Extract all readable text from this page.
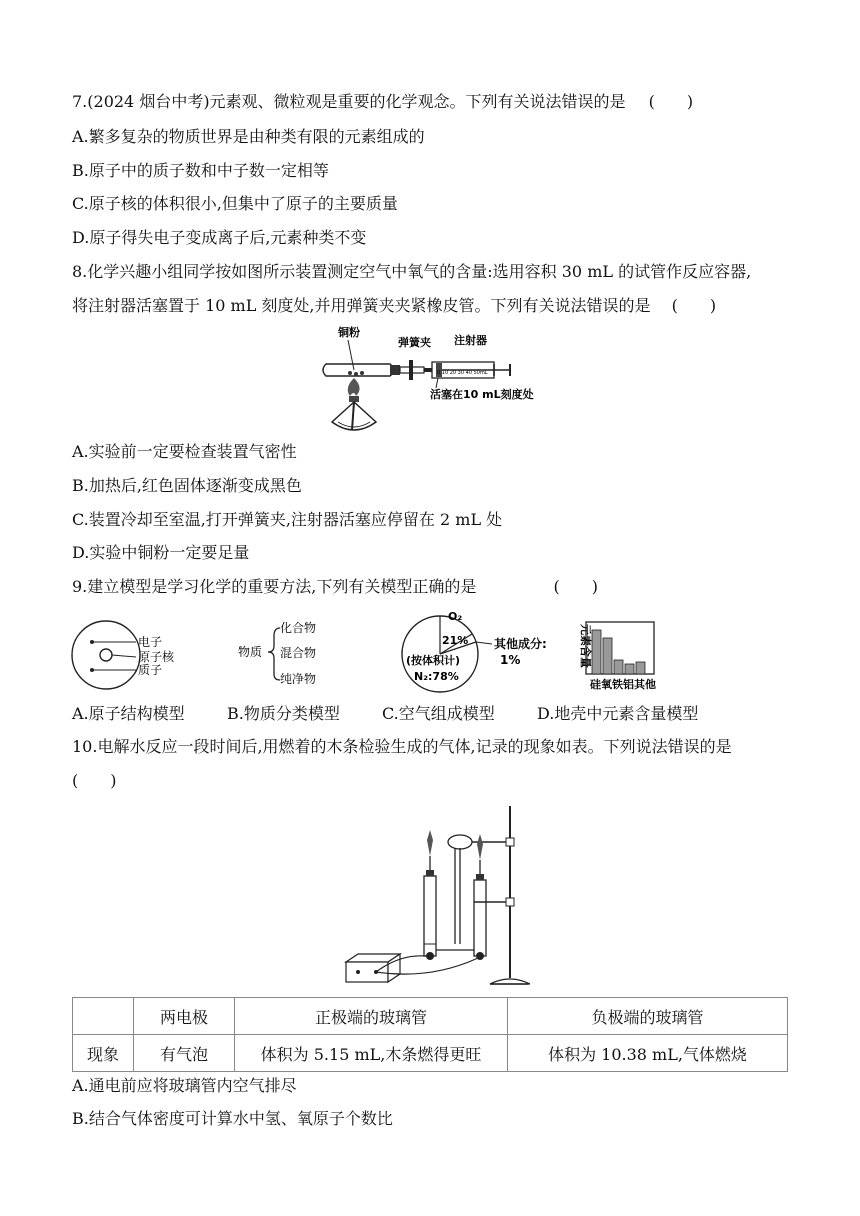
7.(2024 烟台中考)元素观、微粒观是重要的化学观念。下列有关说法错误的是 (　　)
A.繁多复杂的物质世界是由种类有限的元素组成的
B.原子中的质子数和中子数一定相等
C.原子核的体积很小,但集中了原子的主要质量
D.原子得失电子变成离子后,元素种类不变
8.化学兴趣小组同学按如图所示装置测定空气中氧气的含量:选用容积 30 mL 的试管作反应容器,
将注射器活塞置于 10 mL 刻度处,并用弹簧夹夹紧橡皮管。下列有关说法错误的是 (　　)
铜粉
弹簧夹
0 10 20 30 40 50mL
注射器
活塞在10 mL刻度处
A.实验前一定要检查装置气密性
B.加热后,红色固体逐渐变成黑色
C.装置冷却至室温,打开弹簧夹,注射器活塞应停留在 2 mL 处
D.实验中铜粉一定要足量
9.建立模型是学习化学的重要方法,下列有关模型正确的是	(　　)
电子
原子核
质子
物质
化合物
混合物
纯净物
O₂
21% 其他成分:
1%
(按体积计)
N₂:78%
元素含量
硅氧铁铝其他
A.原子结构模型	B.物质分类模型	C.空气组成模型	D.地壳中元素含量模型
10.电解水反应一段时间后,用燃着的木条检验生成的气体,记录的现象如表。下列说法错误的是
(　　)
	两电极	正极端的玻璃管	负极端的玻璃管
现象	有气泡	体积为 5.15 mL,木条燃得更旺	体积为 10.38 mL,气体燃烧
A.通电前应将玻璃管内空气排尽
B.结合气体密度可计算水中氢、氧原子个数比
